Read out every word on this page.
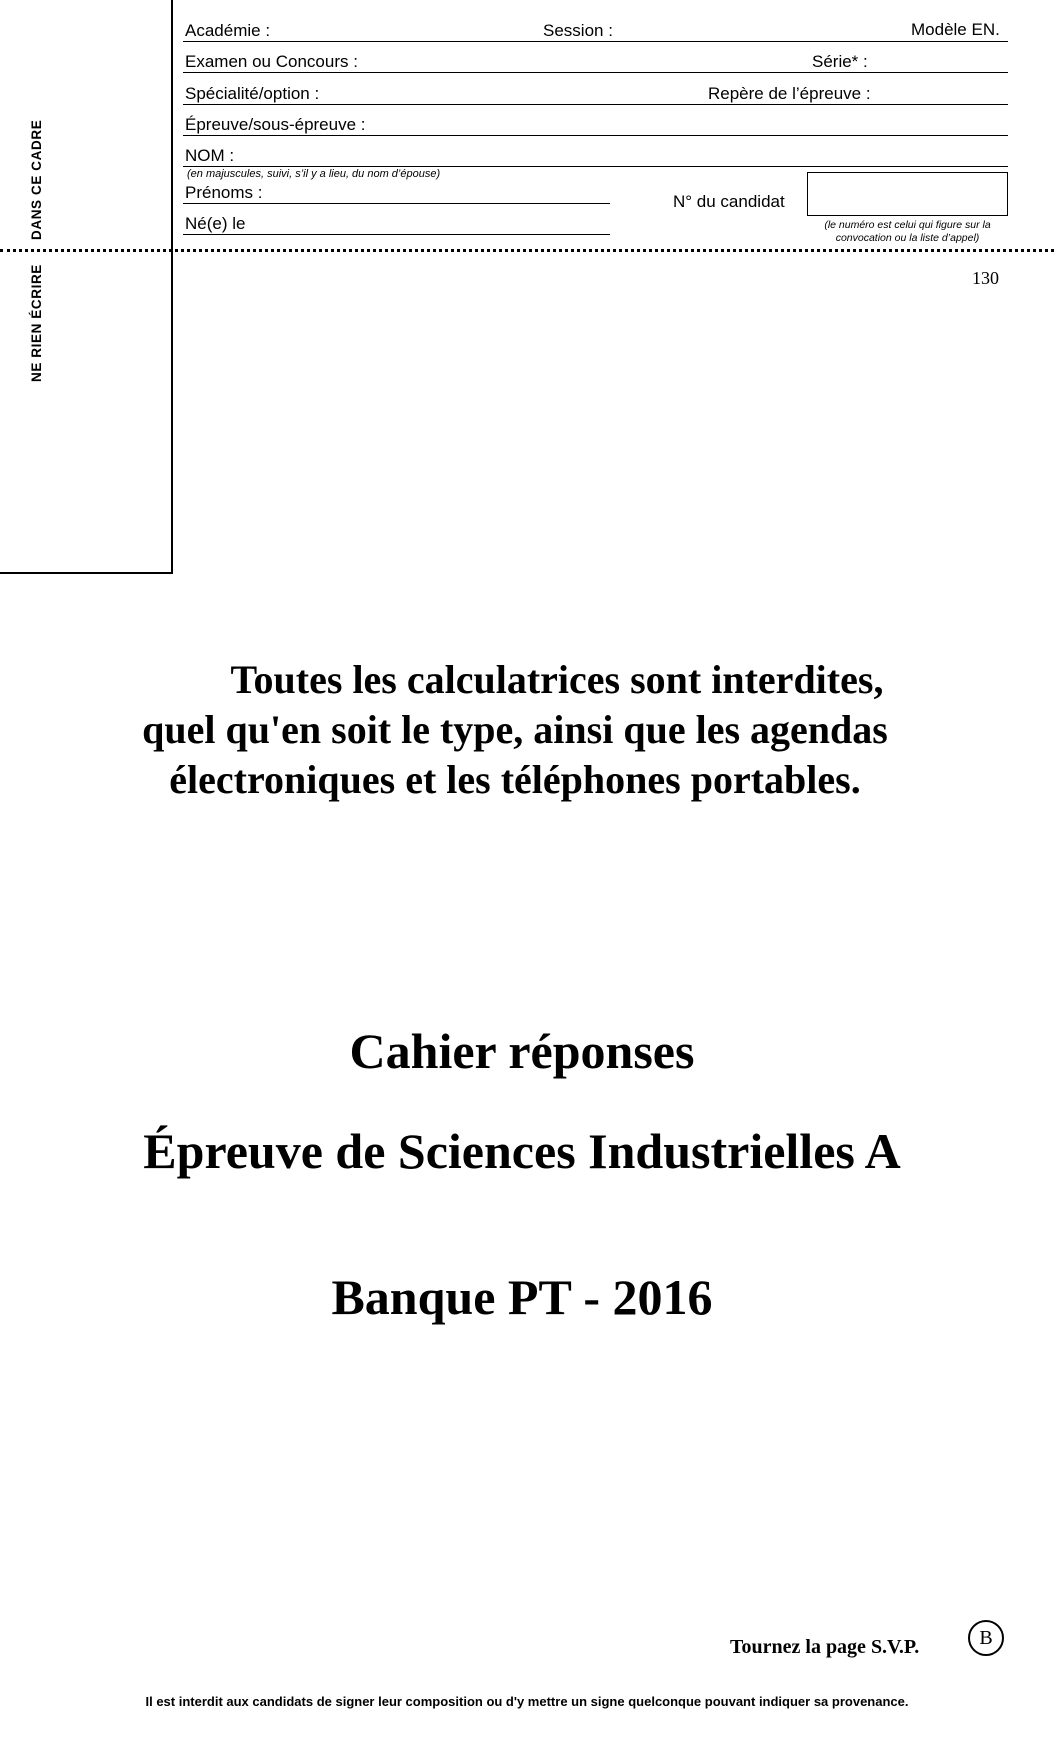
DANS CE CADRE
NE RIEN ÉCRIRE
Académie :	Session :	Modèle EN.
Examen ou Concours :	Série* :
Spécialité/option :	Repère de l’épreuve :
Épreuve/sous-épreuve :
NOM :
(en majuscules, suivi, s’il y a lieu, du nom d’épouse)
Prénoms :	N° du candidat
(le numéro est celui qui figure sur la
convocation ou la liste d’appel)
Né(e) le
130
Toutes les calculatrices sont interdites,
quel qu'en soit le type, ainsi que les agendas
électroniques et les téléphones portables.
Cahier réponses
Épreuve de Sciences Industrielles A
Banque PT - 2016
Tournez la page S.V.P.	B
Il est interdit aux candidats de signer leur composition ou d'y mettre un signe quelconque pouvant indiquer sa provenance.
